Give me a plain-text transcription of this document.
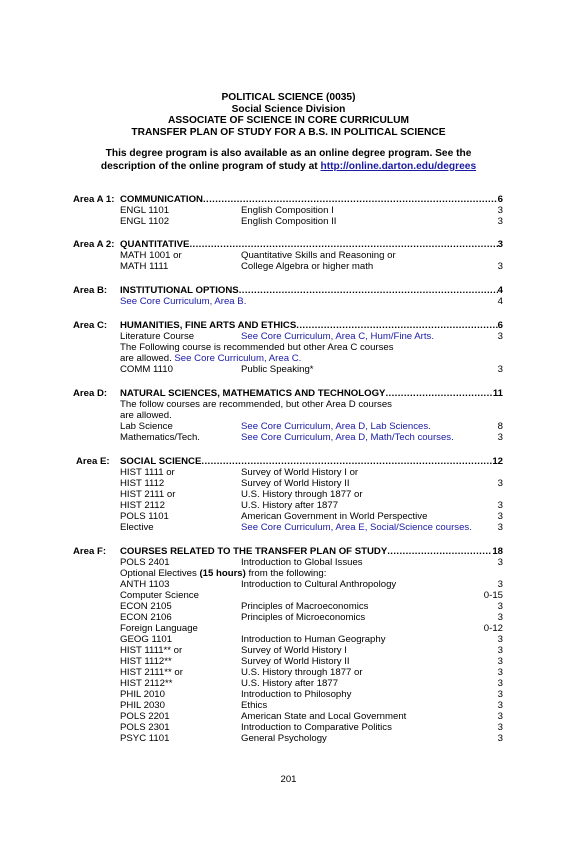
POLITICAL SCIENCE (0035)
Social Science Division
ASSOCIATE OF SCIENCE IN CORE CURRICULUM
TRANSFER PLAN OF STUDY FOR A B.S. IN POLITICAL SCIENCE
This degree program is also available as an online degree program. See the
description of the online program of study at http://online.darton.edu/degrees
Area A 1: COMMUNICATION .....	6
ENGL 1101	English Composition I	3
ENGL 1102	English Composition II	3
Area A 2: QUANTITATIVE .....	3
MATH 1001 or	Quantitative Skills and Reasoning or
MATH 1111	College Algebra or higher math	3
Area B: INSTITUTIONAL OPTIONS .....	4
See Core Curriculum, Area B.	4
Area C: HUMANITIES, FINE ARTS AND ETHICS .....	6
Literature Course	See Core Curriculum, Area C, Hum/Fine Arts.	3
The Following course is recommended but other Area C courses
are allowed. See Core Curriculum, Area C.
COMM 1110	Public Speaking*	3
Area D: NATURAL SCIENCES, MATHEMATICS AND TECHNOLOGY .....	11
The follow courses are recommended, but other Area D courses
are allowed.
Lab Science	See Core Curriculum, Area D, Lab Sciences.	8
Mathematics/Tech.	See Core Curriculum, Area D, Math/Tech courses.	3
Area E: SOCIAL SCIENCE .....	12
HIST 1111 or	Survey of World History I or
HIST 1112	Survey of World History II	3
HIST 2111 or	U.S. History through 1877 or
HIST 2112	U.S. History after 1877	3
POLS 1101	American Government in World Perspective	3
Elective	See Core Curriculum, Area E, Social/Science courses.	3
Area F: COURSES RELATED TO THE TRANSFER PLAN OF STUDY .....	18
POLS 2401	Introduction to Global Issues	3
Optional Electives (15 hours) from the following:
ANTH 1103	Introduction to Cultural Anthropology	3
Computer Science	0-15
ECON 2105	Principles of Macroeconomics	3
ECON 2106	Principles of Microeconomics	3
Foreign Language	0-12
GEOG 1101	Introduction to Human Geography	3
HIST 1111** or	Survey of World History I	3
HIST 1112**	Survey of World History II	3
HIST 2111** or	U.S. History through 1877 or	3
HIST 2112**	U.S. History after 1877	3
PHIL 2010	Introduction to Philosophy	3
PHIL 2030	Ethics	3
POLS 2201	American State and Local Government	3
POLS 2301	Introduction to Comparative Politics	3
PSYC 1101	General Psychology	3
201
